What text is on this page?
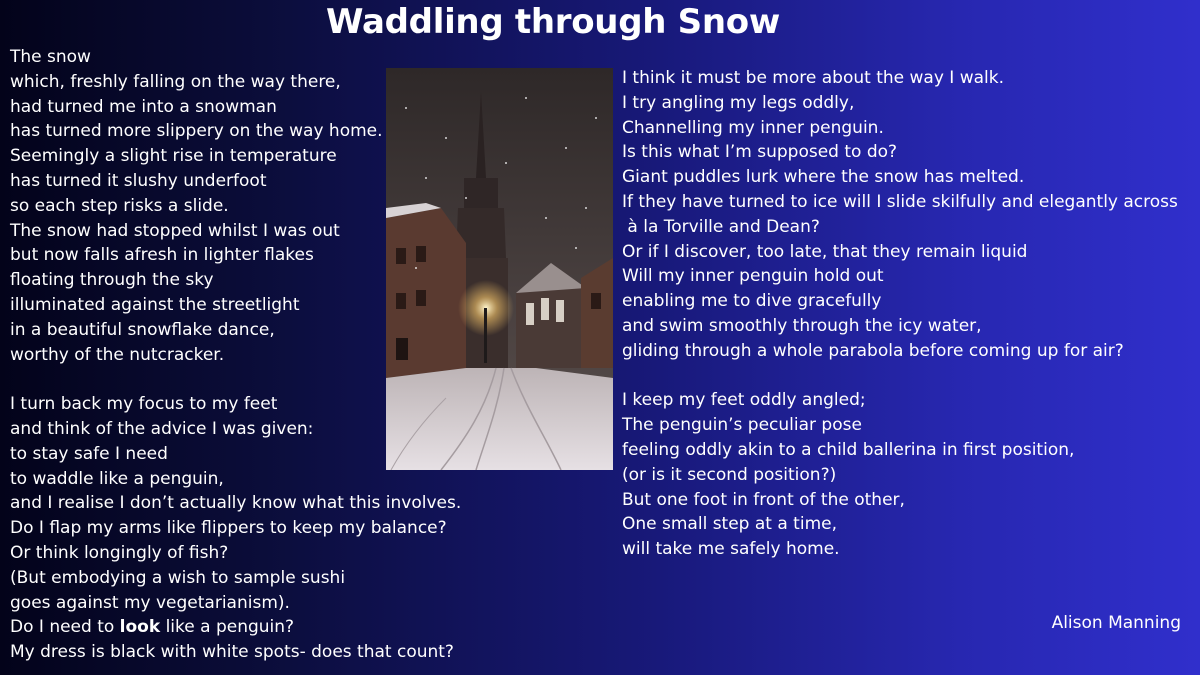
Waddling through Snow
The snow
which, freshly falling on the way there,
had turned me into a snowman
has turned more slippery on the way home.
Seemingly a slight rise in temperature
has turned it slushy underfoot
so each step risks a slide.
The snow had stopped whilst I was out
but now falls afresh in lighter flakes
floating through the sky
illuminated against the streetlight
in a beautiful snowflake dance,
worthy of the nutcracker.
I turn back my focus to my feet
and think of the advice I was given:
to stay safe I need
to waddle like a penguin,
and I realise I don’t actually know what this involves.
Do I flap my arms like flippers to keep my balance?
Or think longingly of fish?
(But embodying a wish to sample sushi
goes against my vegetarianism).
Do I need to look like a penguin?
My dress is black with white spots- does that count?
I think it must be more about the way I walk.
I try angling my legs oddly,
Channelling my inner penguin.
Is this what I’m supposed to do?
Giant puddles lurk where the snow has melted.
If they have turned to ice will I slide skilfully and elegantly across
à la Torville and Dean?
Or if I discover, too late, that they remain liquid
Will my inner penguin hold out
enabling me to dive gracefully
and swim smoothly through the icy water,
gliding through a whole parabola before coming up for air?
I keep my feet oddly angled;
The penguin’s peculiar pose
feeling oddly akin to a child ballerina in first position,
(or is it second position?)
But one foot in front of the other,
One small step at a time,
will take me safely home.
Alison Manning
